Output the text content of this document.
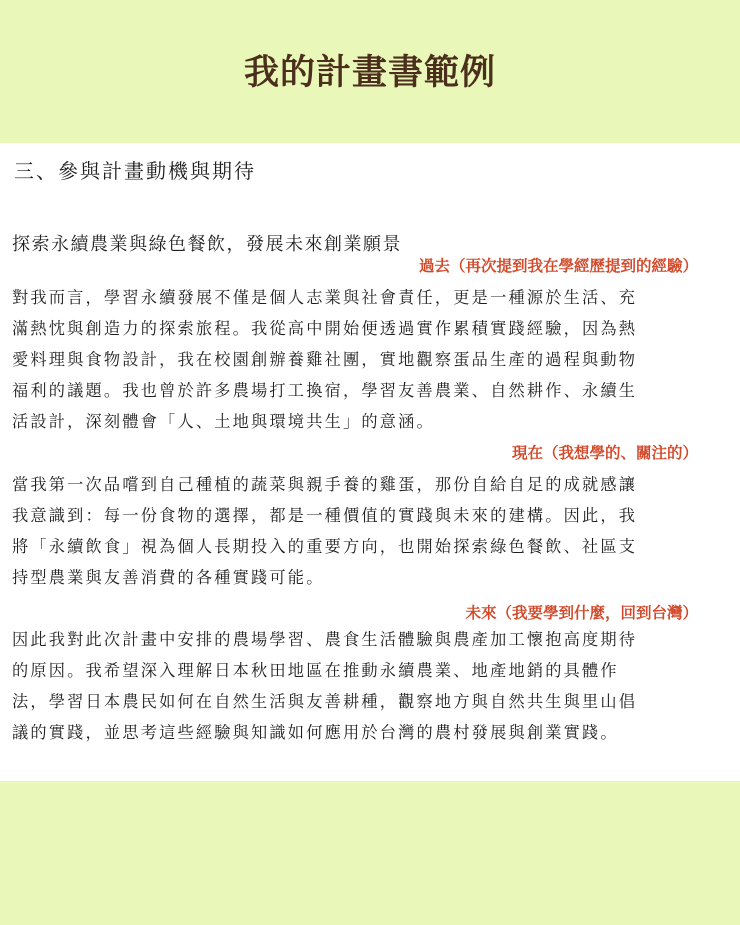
我的計畫書範例
三、參與計畫動機與期待
探索永續農業與綠色餐飲，發展未來創業願景
過去（再次提到我在學經歷提到的經驗）
對我而言，學習永續發展不僅是個人志業與社會責任，更是一種源於生活、充
滿熱忱與創造力的探索旅程。我從高中開始便透過實作累積實踐經驗，因為熱
愛料理與食物設計，我在校園創辦養雞社團，實地觀察蛋品生產的過程與動物
福利的議題。我也曾於許多農場打工換宿，學習友善農業、自然耕作、永續生
活設計，深刻體會「人、土地與環境共生」的意涵。
現在（我想學的、關注的）
當我第一次品嚐到自己種植的蔬菜與親手養的雞蛋，那份自給自足的成就感讓
我意識到：每一份食物的選擇，都是一種價值的實踐與未來的建構。因此，我
將「永續飲食」視為個人長期投入的重要方向，也開始探索綠色餐飲、社區支
持型農業與友善消費的各種實踐可能。
未來（我要學到什麼，回到台灣）
因此我對此次計畫中安排的農場學習、農食生活體驗與農產加工懷抱高度期待
的原因。我希望深入理解日本秋田地區在推動永續農業、地產地銷的具體作
法，學習日本農民如何在自然生活與友善耕種，觀察地方與自然共生與里山倡
議的實踐，並思考這些經驗與知識如何應用於台灣的農村發展與創業實踐。
